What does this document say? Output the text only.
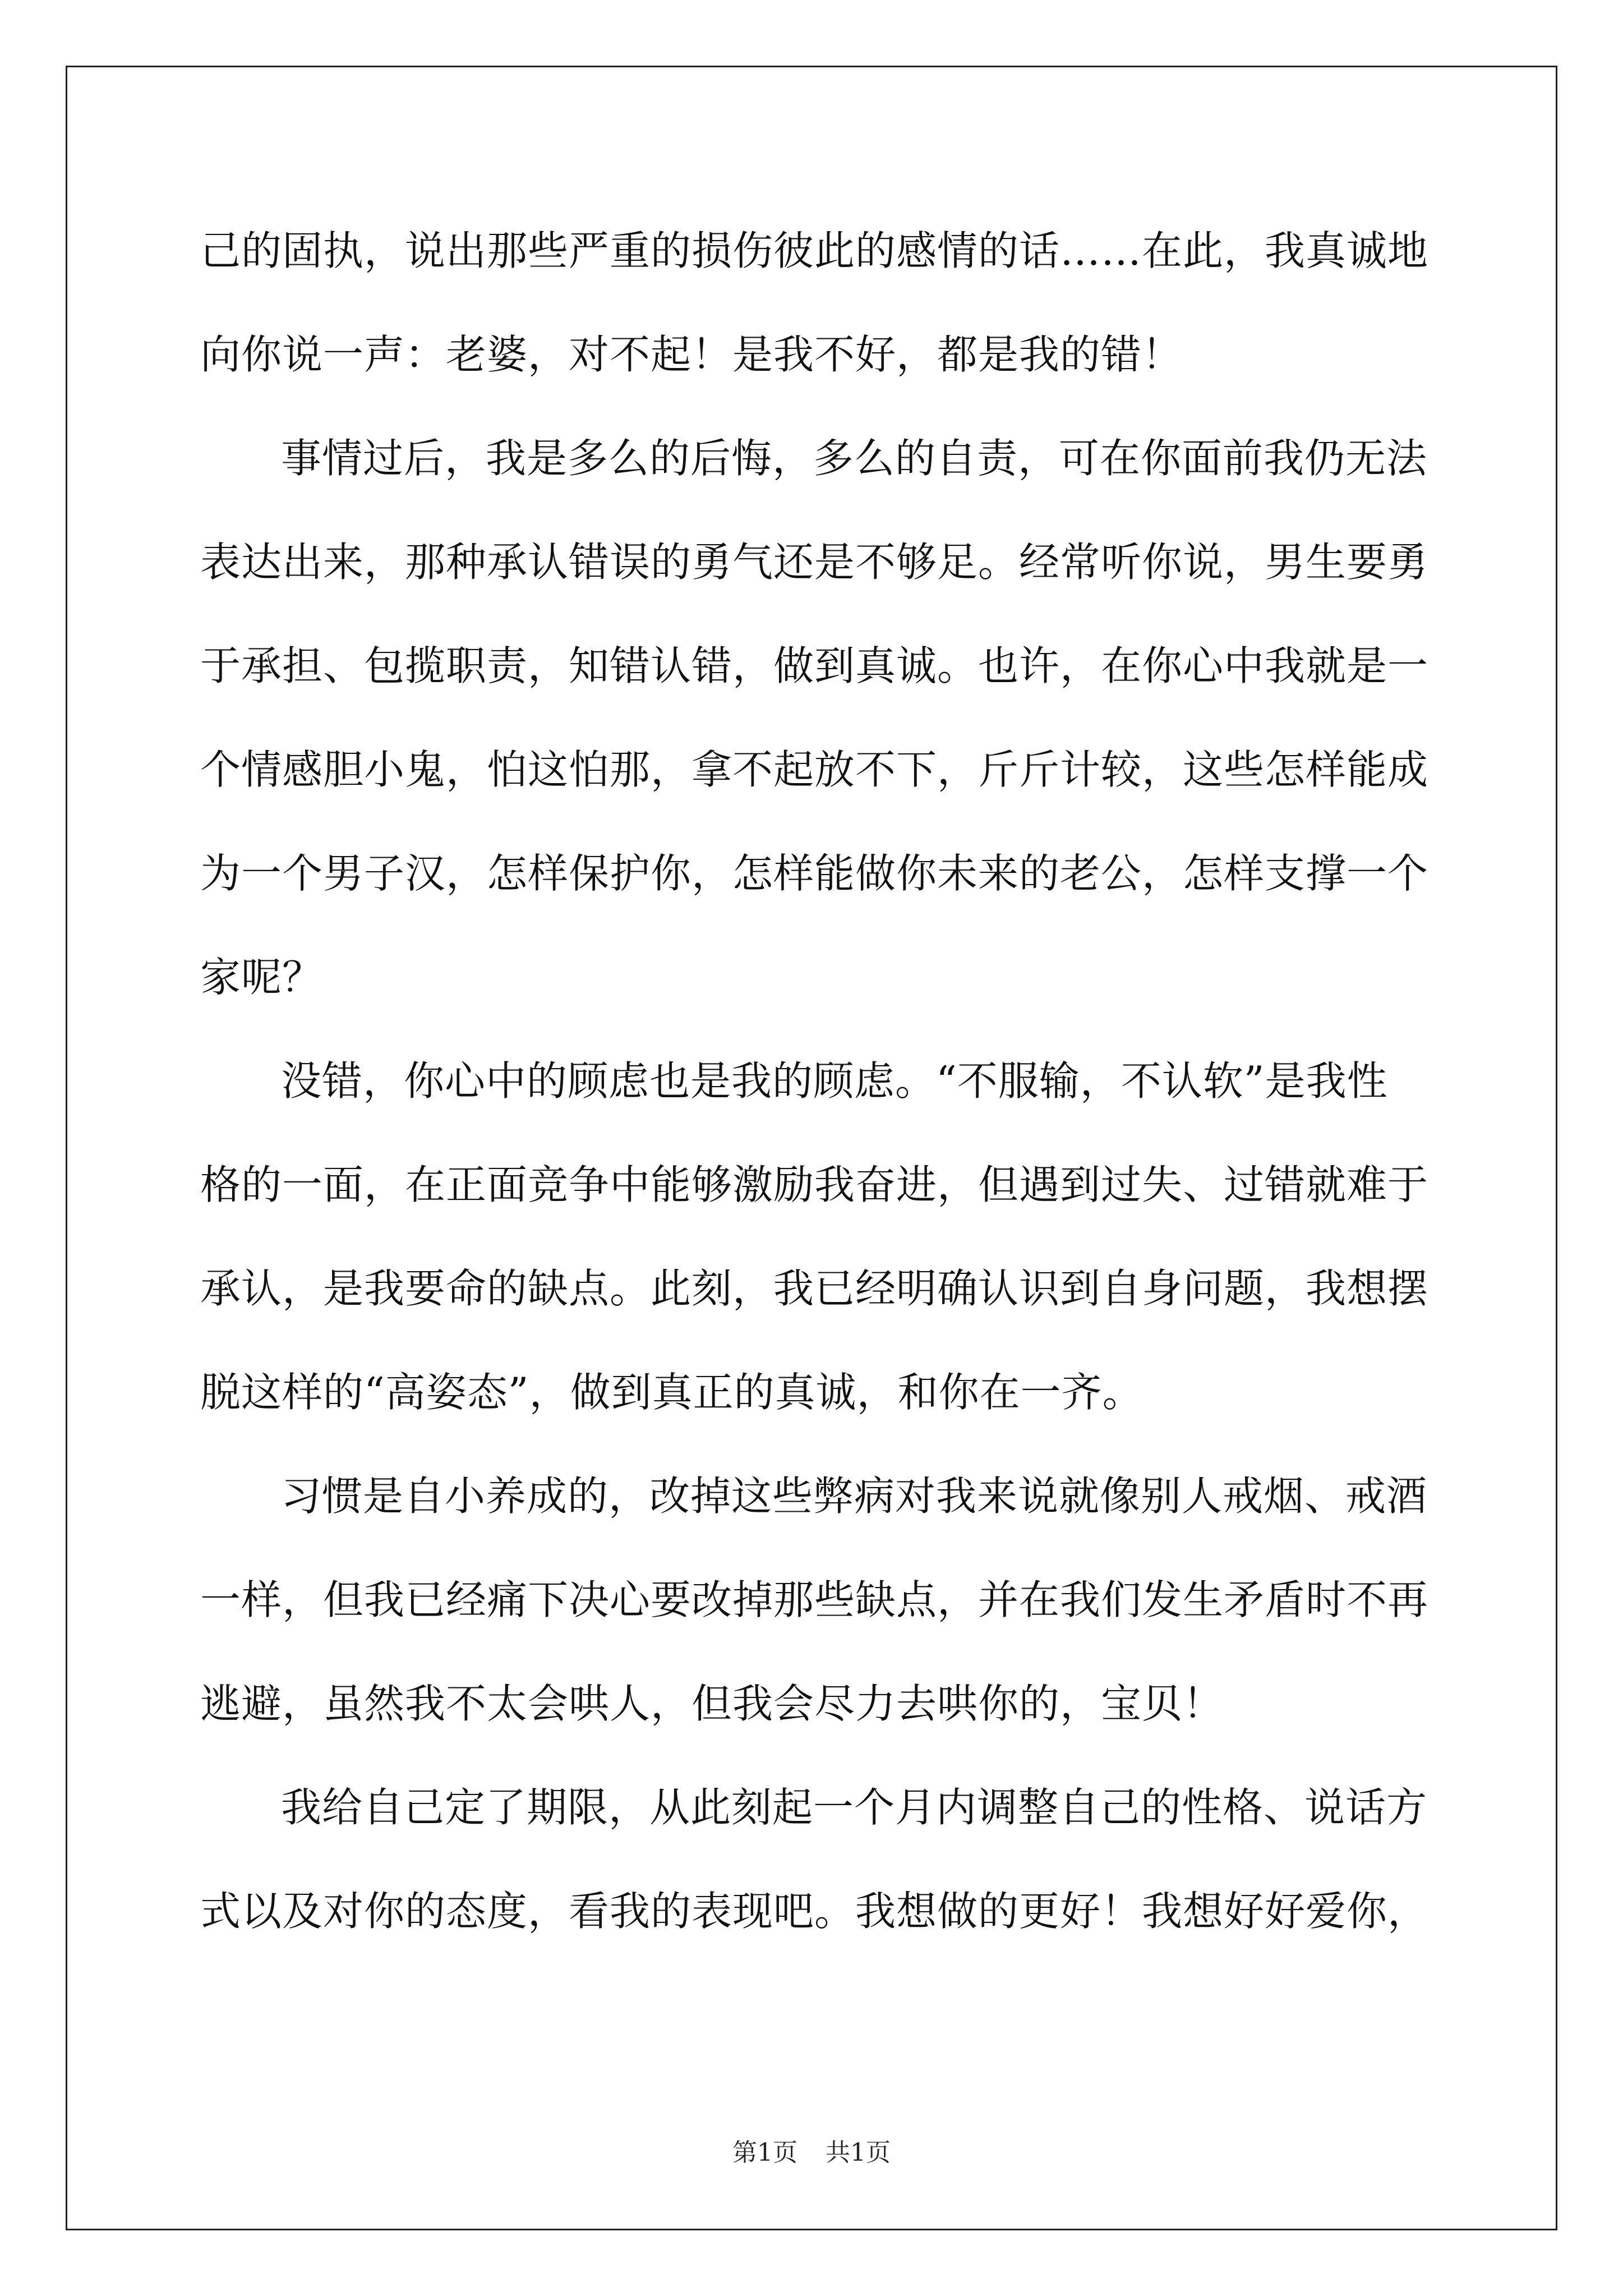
己的固执，说出那些严重的损伤彼此的感情的话……在此，我真诚地
向你说一声：老婆，对不起！是我不好，都是我的错！
事情过后，我是多么的后悔，多么的自责，可在你面前我仍无法
表达出来，那种承认错误的勇气还是不够足。经常听你说，男生要勇
于承担、包揽职责，知错认错，做到真诚。也许，在你心中我就是一
个情感胆小鬼，怕这怕那，拿不起放不下，斤斤计较，这些怎样能成
为一个男子汉，怎样保护你，怎样能做你未来的老公，怎样支撑一个
家呢？
没错，你心中的顾虑也是我的顾虑。“不服输，不认软”是我性
格的一面，在正面竞争中能够激励我奋进，但遇到过失、过错就难于
承认，是我要命的缺点。此刻，我已经明确认识到自身问题，我想摆
脱这样的“高姿态”，做到真正的真诚，和你在一齐。
习惯是自小养成的，改掉这些弊病对我来说就像别人戒烟、戒酒
一样，但我已经痛下决心要改掉那些缺点，并在我们发生矛盾时不再
逃避，虽然我不太会哄人，但我会尽力去哄你的，宝贝！
我给自己定了期限，从此刻起一个月内调整自己的性格、说话方
式以及对你的态度，看我的表现吧。我想做的更好！我想好好爱你，
第1页 共1页
